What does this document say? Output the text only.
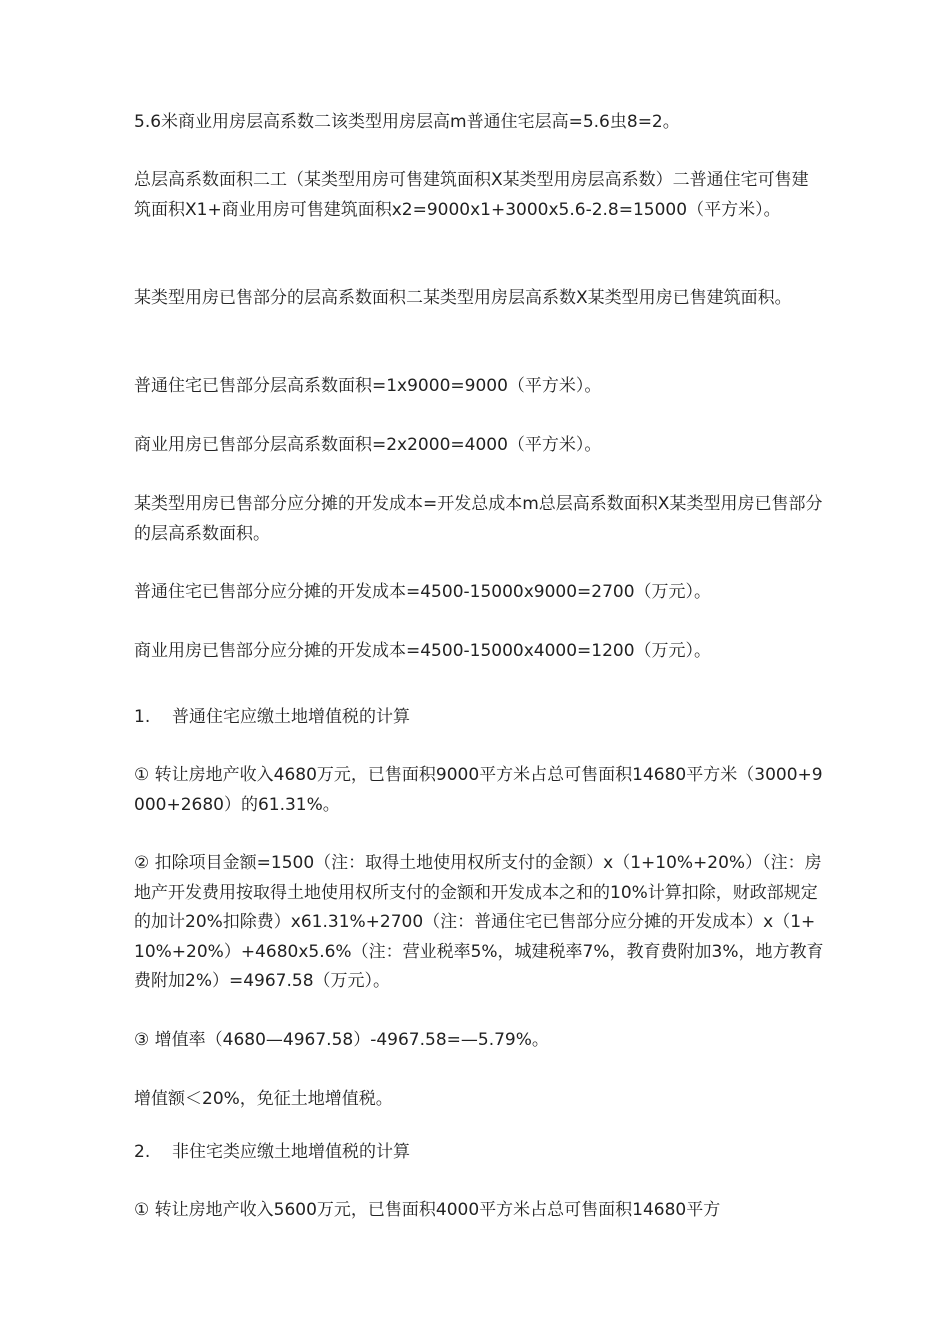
5.6米商业用房层高系数二该类型用房层高m普通住宅层高=5.6虫8=2。

总层高系数面积二工（某类型用房可售建筑面积X某类型用房层高系数）二普通住宅可售建筑面积X1+商业用房可售建筑面积x2=9000x1+3000x5.6-2.8=15000（平方米）。

某类型用房已售部分的层高系数面积二某类型用房层高系数X某类型用房已售建筑面积。

普通住宅已售部分层高系数面积=1x9000=9000（平方米）。

商业用房已售部分层高系数面积=2x2000=4000（平方米）。

某类型用房已售部分应分摊的开发成本=开发总成本m总层高系数面积X某类型用房已售部分的层高系数面积。

普通住宅已售部分应分摊的开发成本=4500-15000x9000=2700（万元）。

商业用房已售部分应分摊的开发成本=4500-15000x4000=1200（万元）。

1. 普通住宅应缴土地增值税的计算

① 转让房地产收入4680万元，已售面积9000平方米占总可售面积14680平方米（3000+9000+2680）的61.31%。

② 扣除项目金额=1500（注：取得土地使用权所支付的金额）x（1+10%+20%）（注：房地产开发费用按取得土地使用权所支付的金额和开发成本之和的10%计算扣除，财政部规定的加计20%扣除费）x61.31%+2700（注：普通住宅已售部分应分摊的开发成本）x（1+10%+20%）+4680x5.6%（注：营业税率5%，城建税率7%，教育费附加3%，地方教育费附加2%）=4967.58（万元）。

③ 增值率（4680—4967.58）-4967.58=—5.79%。

增值额＜20%，免征土地增值税。

2. 非住宅类应缴土地增值税的计算

① 转让房地产收入5600万元，已售面积4000平方米占总可售面积14680平方
